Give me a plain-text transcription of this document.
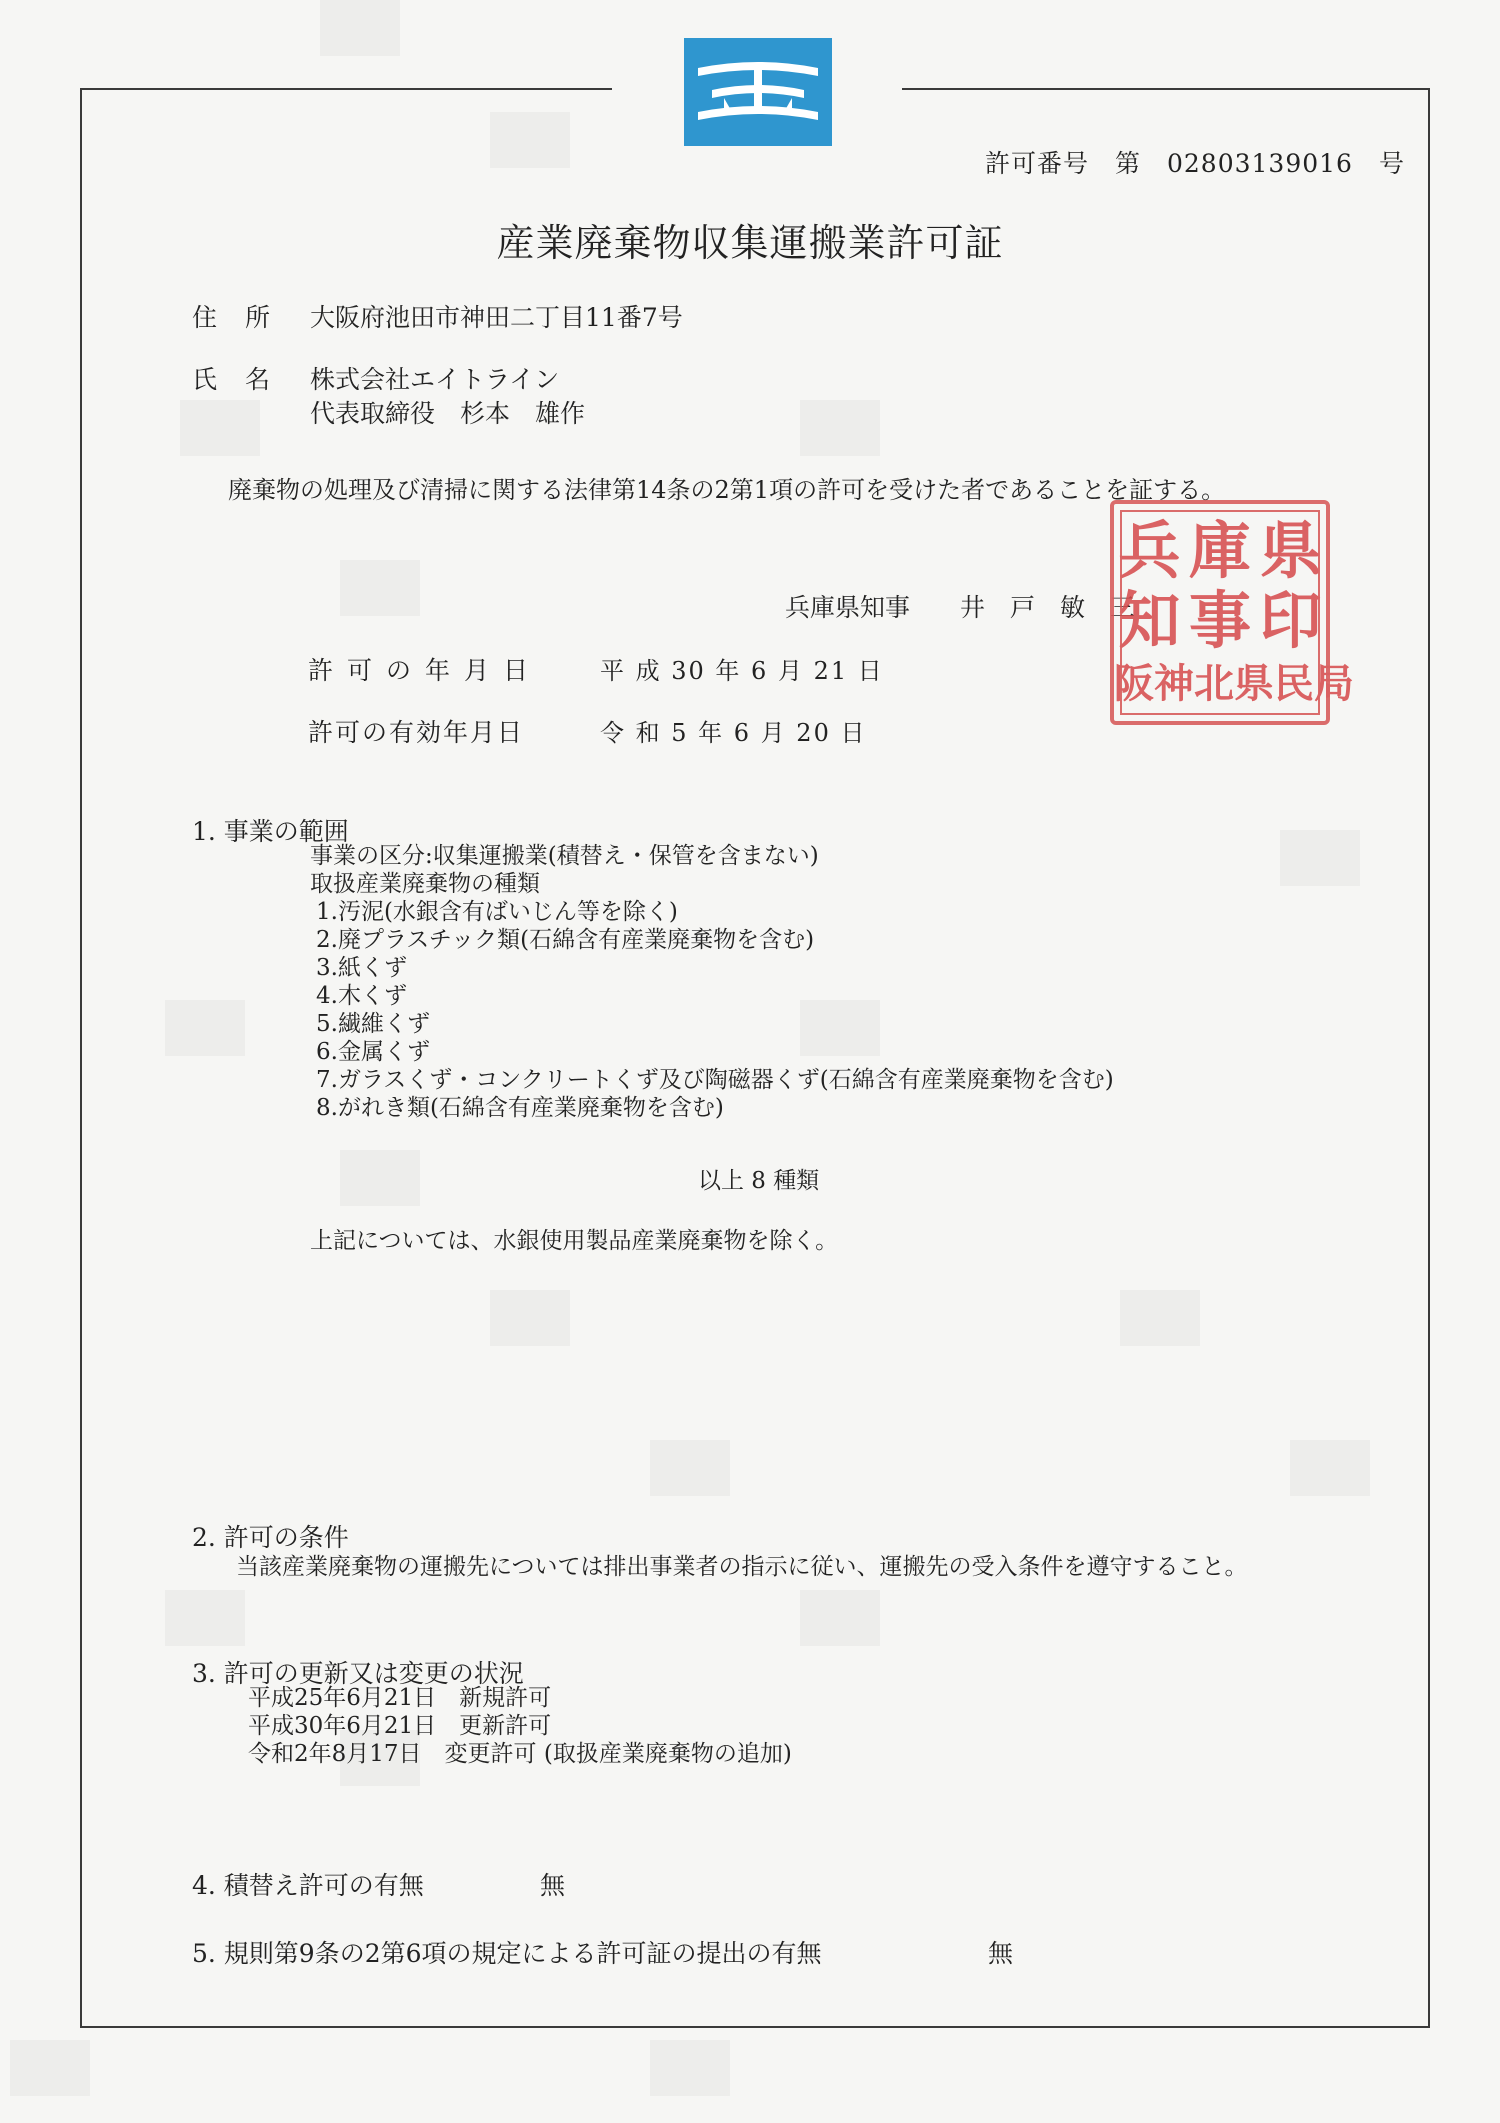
許可番号　第　02803139016　号
産業廃棄物収集運搬業許可証
住所 大阪府池田市神田二丁目11番7号
氏名 株式会社エイトライン
代表取締役　杉本　雄作
廃棄物の処理及び清掃に関する法律第14条の2第1項の許可を受けた者であることを証する。
兵庫県知事 井　戸　敏　三
兵 庫 県
知 事 印
阪 神 北 県 民 局
許可の年月日 平 成 30 年 6 月 21 日
許可の有効年月日	令 和 5 年 6 月 20 日
1. 事業の範囲
事業の区分:収集運搬業(積替え・保管を含まない)
取扱産業廃棄物の種類
1.汚泥(水銀含有ばいじん等を除く)
2.廃プラスチック類(石綿含有産業廃棄物を含む)
3.紙くず
4.木くず
5.繊維くず
6.金属くず
7.ガラスくず・コンクリートくず及び陶磁器くず(石綿含有産業廃棄物を含む)
8.がれき類(石綿含有産業廃棄物を含む)
以上 8 種類
上記については、水銀使用製品産業廃棄物を除く。
2. 許可の条件
当該産業廃棄物の運搬先については排出事業者の指示に従い、運搬先の受入条件を遵守すること。
3. 許可の更新又は変更の状況
平成25年6月21日　新規許可
平成30年6月21日　更新許可
令和2年8月17日　変更許可 (取扱産業廃棄物の追加)
4. 積替え許可の有無	無
5. 規則第9条の2第6項の規定による許可証の提出の有無	無
